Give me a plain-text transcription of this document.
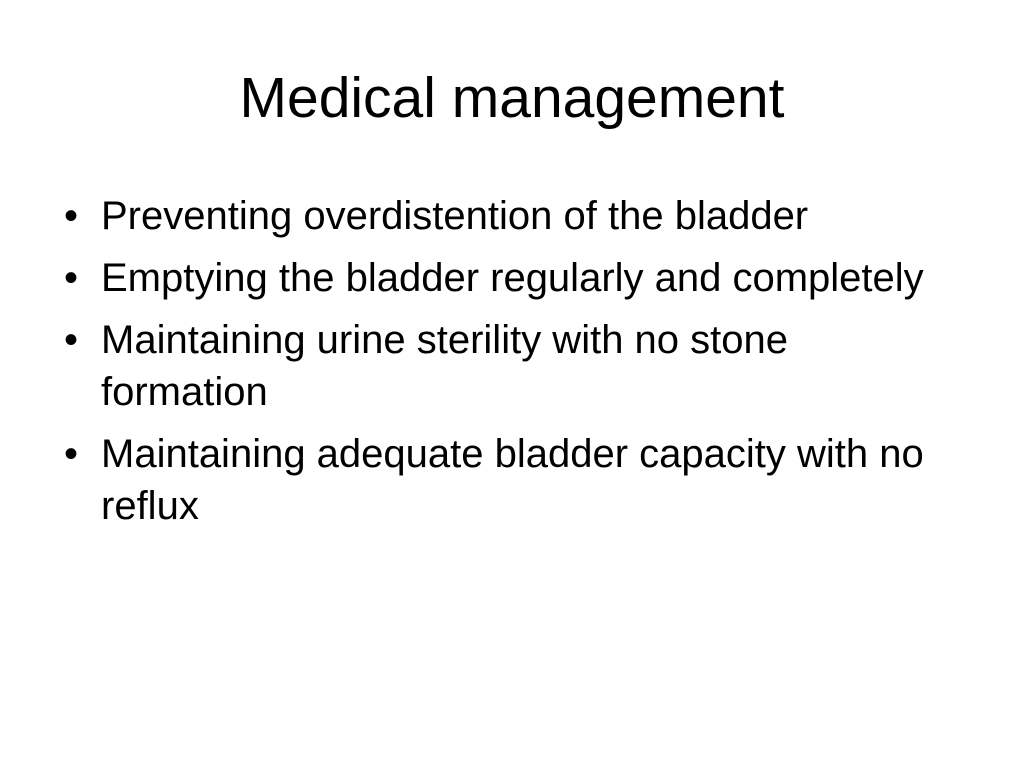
Medical management
• Preventing overdistention of the bladder
• Emptying the bladder regularly and completely
• Maintaining urine sterility with no stone formation
• Maintaining adequate bladder capacity with no reflux
